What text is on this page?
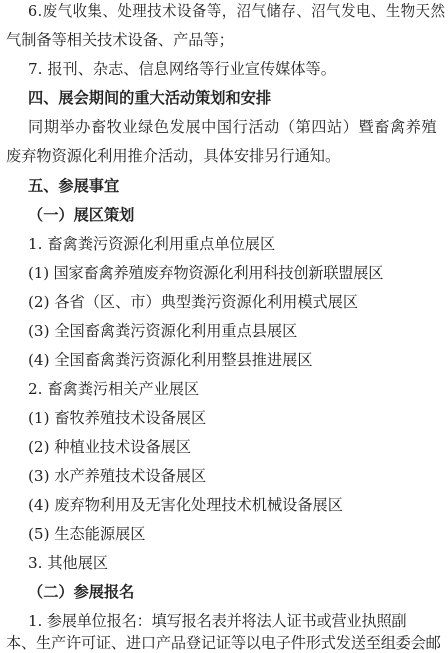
6.废气收集、处理技术设备等，沼气储存、沼气发电、生物天然
气制备等相关技术设备、产品等；
7. 报刊、杂志、信息网络等行业宣传媒体等。
四、展会期间的重大活动策划和安排
同期举办畜牧业绿色发展中国行活动（第四站）暨畜禽养殖
废弃物资源化利用推介活动，具体安排另行通知。
五、参展事宜
（一）展区策划
1. 畜禽粪污资源化利用重点单位展区
(1) 国家畜禽养殖废弃物资源化利用科技创新联盟展区
(2) 各省（区、市）典型粪污资源化利用模式展区
(3) 全国畜禽粪污资源化利用重点县展区
(4) 全国畜禽粪污资源化利用整县推进展区
2. 畜禽粪污相关产业展区
(1) 畜牧养殖技术设备展区
(2) 种植业技术设备展区
(3) 水产养殖技术设备展区
(4) 废弃物利用及无害化处理技术机械设备展区
(5) 生态能源展区
3. 其他展区
（二）参展报名
1. 参展单位报名：填写报名表并将法人证书或营业执照副
本、生产许可证、进口产品登记证等以电子件形式发送至组委会邮
